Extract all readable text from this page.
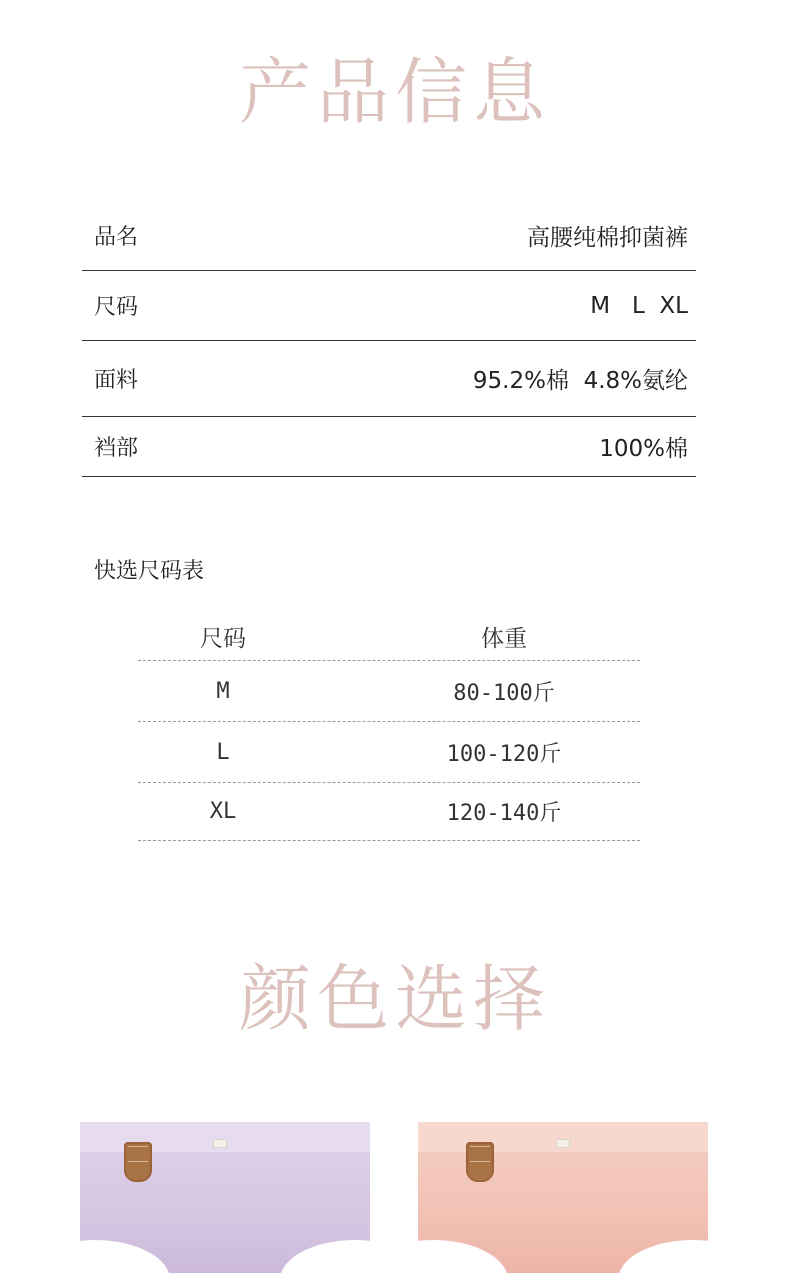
产品信息
品名	高腰纯棉抑菌裤
尺码	M   L  XL
面料	95.2%棉  4.8%氨纶
裆部	100%棉
快选尺码表
尺码	体重
M	80-100斤
L	100-120斤
XL	120-140斤
颜色选择
